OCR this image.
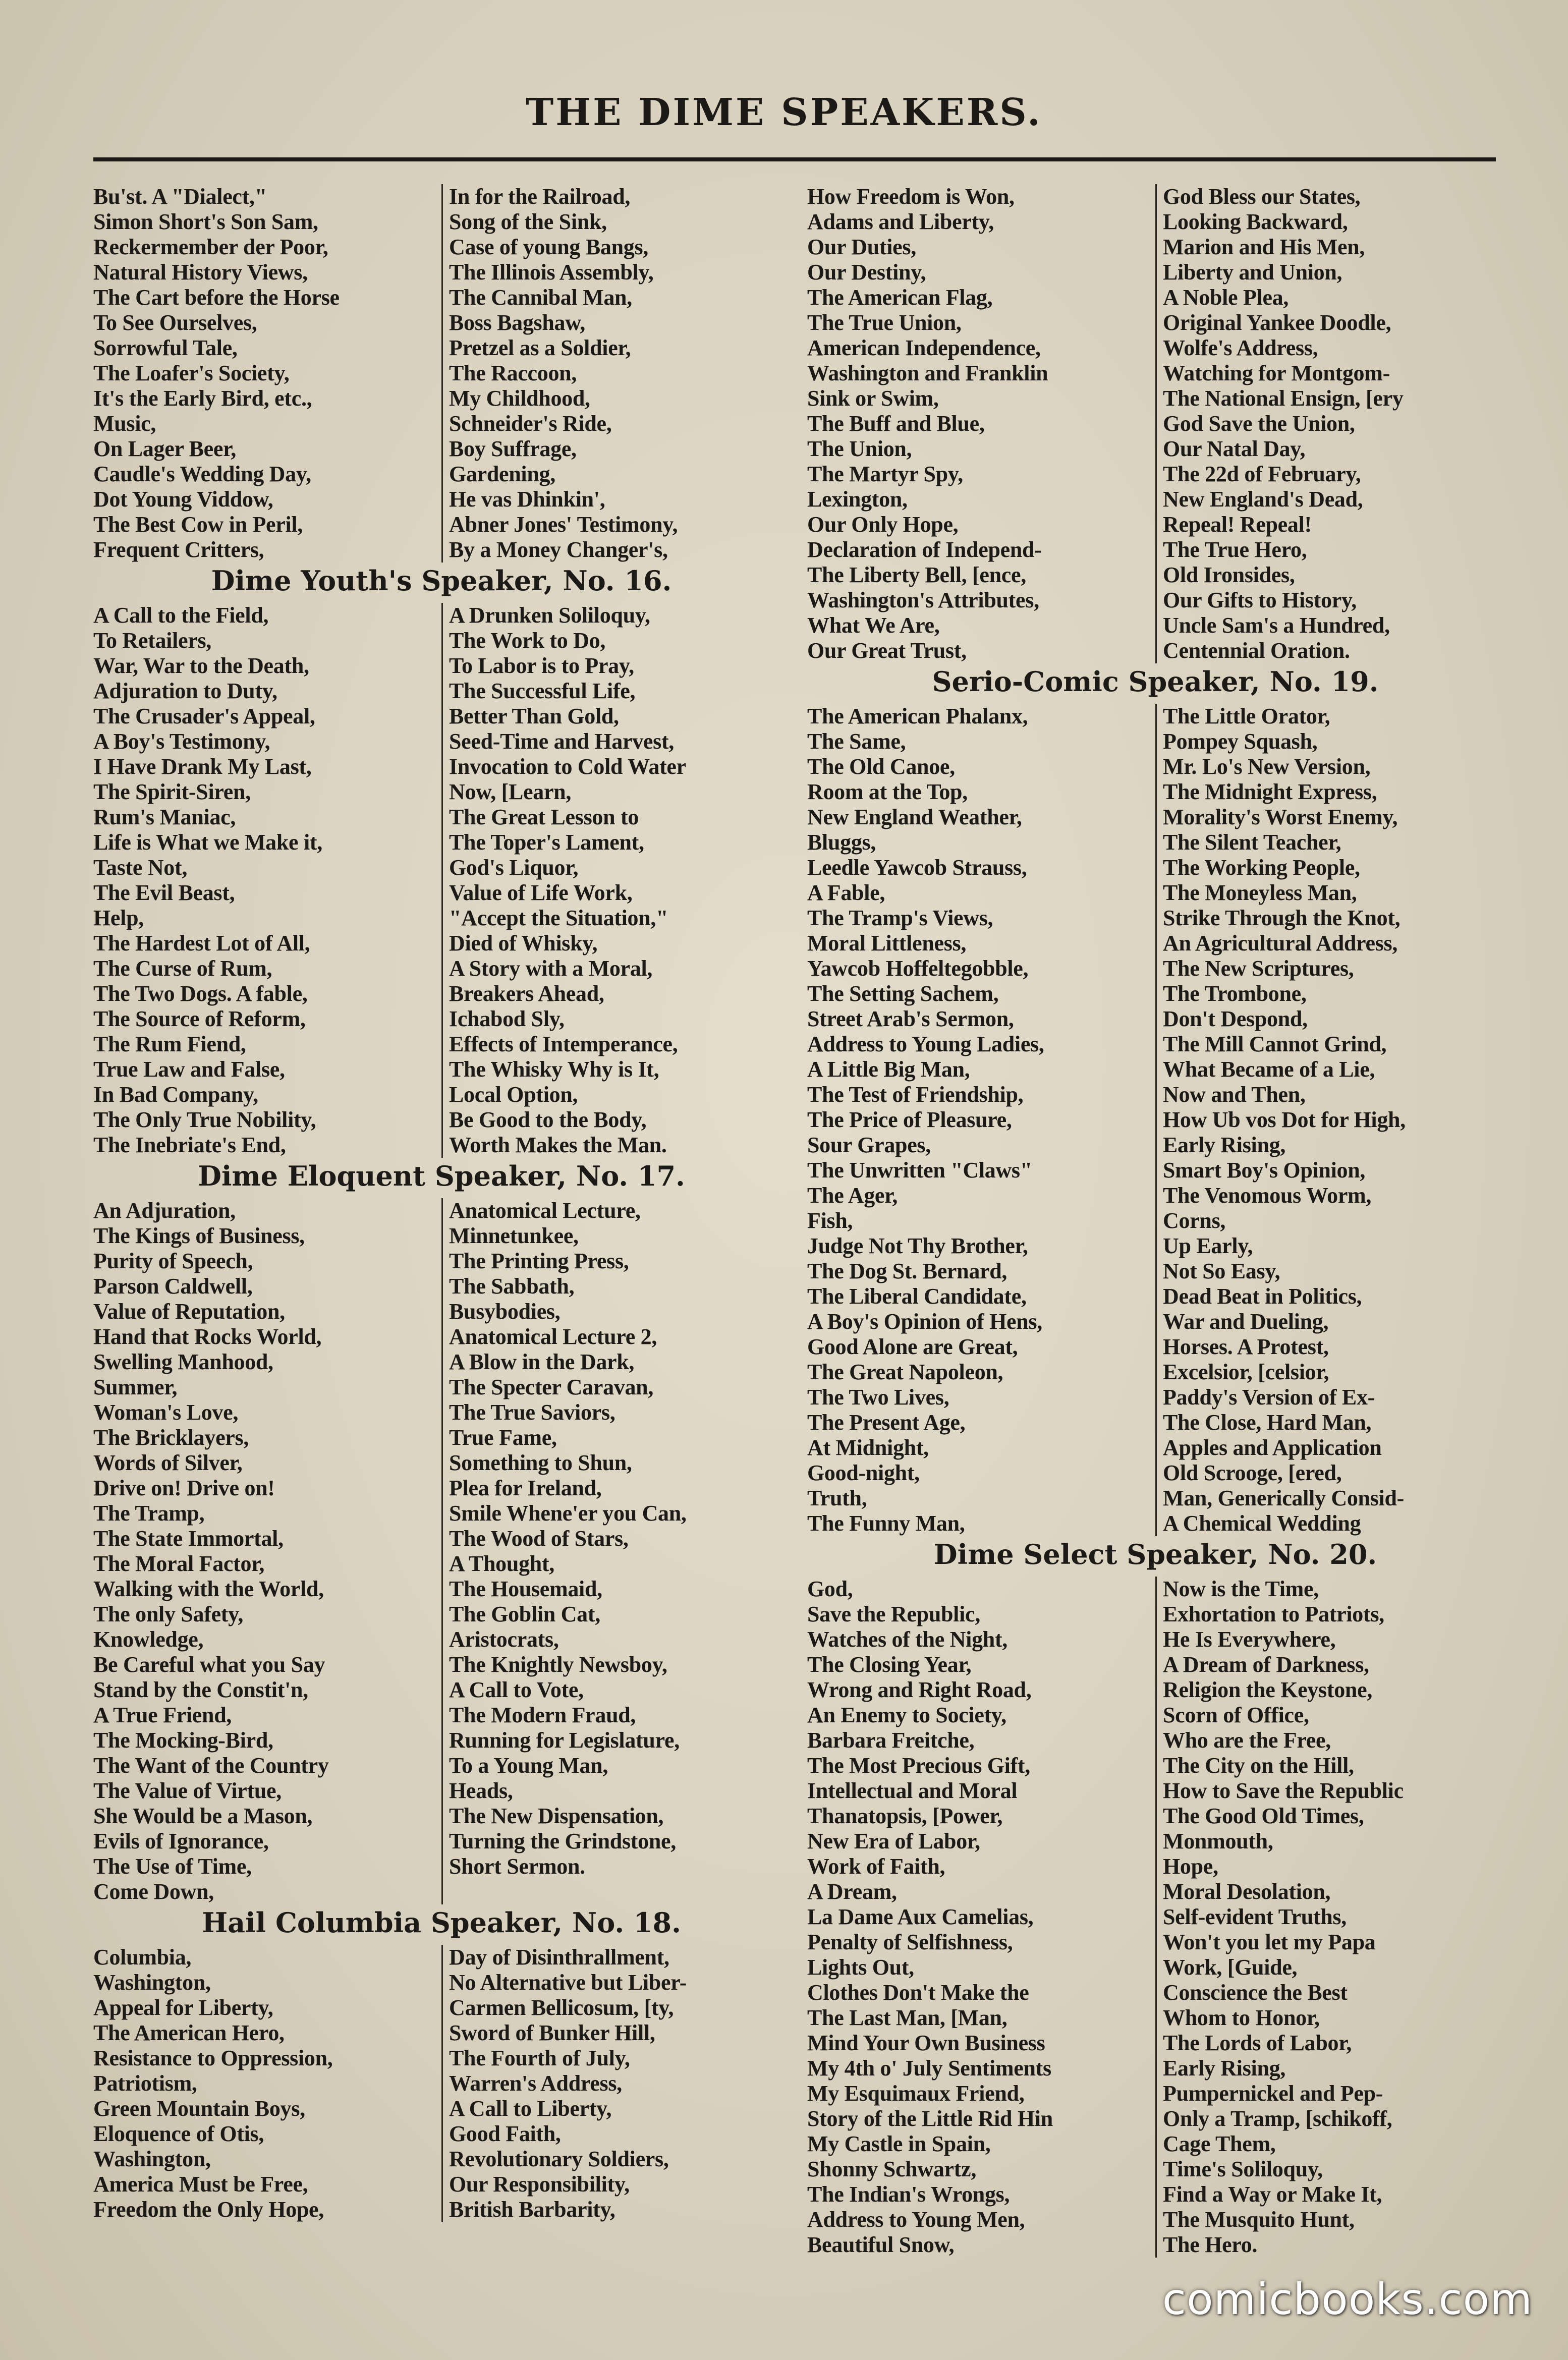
THE DIME SPEAKERS.
Bu'st. A "Dialect,"
Simon Short's Son Sam,
Reckermember der Poor,
Natural History Views,
The Cart before the Horse
To See Ourselves,
Sorrowful Tale,
The Loafer's Society,
It's the Early Bird, etc.,
Music,
On Lager Beer,
Caudle's Wedding Day,
Dot Young Viddow,
The Best Cow in Peril,
Frequent Critters,
In for the Railroad,
Song of the Sink,
Case of young Bangs,
The Illinois Assembly,
The Cannibal Man,
Boss Bagshaw,
Pretzel as a Soldier,
The Raccoon,
My Childhood,
Schneider's Ride,
Boy Suffrage,
Gardening,
He vas Dhinkin',
Abner Jones' Testimony,
By a Money Changer's,
Dime Youth's Speaker, No. 16.
A Call to the Field,
To Retailers,
War, War to the Death,
Adjuration to Duty,
The Crusader's Appeal,
A Boy's Testimony,
I Have Drank My Last,
The Spirit-Siren,
Rum's Maniac,
Life is What we Make it,
Taste Not,
The Evil Beast,
Help,
The Hardest Lot of All,
The Curse of Rum,
The Two Dogs. A fable,
The Source of Reform,
The Rum Fiend,
True Law and False,
In Bad Company,
The Only True Nobility,
The Inebriate's End,
A Drunken Soliloquy,
The Work to Do,
To Labor is to Pray,
The Successful Life,
Better Than Gold,
Seed-Time and Harvest,
Invocation to Cold Water
Now, [Learn,
The Great Lesson to
The Toper's Lament,
God's Liquor,
Value of Life Work,
"Accept the Situation,"
Died of Whisky,
A Story with a Moral,
Breakers Ahead,
Ichabod Sly,
Effects of Intemperance,
The Whisky Why is It,
Local Option,
Be Good to the Body,
Worth Makes the Man.
Dime Eloquent Speaker, No. 17.
An Adjuration,
The Kings of Business,
Purity of Speech,
Parson Caldwell,
Value of Reputation,
Hand that Rocks World,
Swelling Manhood,
Summer,
Woman's Love,
The Bricklayers,
Words of Silver,
Drive on! Drive on!
The Tramp,
The State Immortal,
The Moral Factor,
Walking with the World,
The only Safety,
Knowledge,
Be Careful what you Say
Stand by the Constit'n,
A True Friend,
The Mocking-Bird,
The Want of the Country
The Value of Virtue,
She Would be a Mason,
Evils of Ignorance,
The Use of Time,
Come Down,
Anatomical Lecture,
Minnetunkee,
The Printing Press,
The Sabbath,
Busybodies,
Anatomical Lecture 2,
A Blow in the Dark,
The Specter Caravan,
The True Saviors,
True Fame,
Something to Shun,
Plea for Ireland,
Smile Whene'er you Can,
The Wood of Stars,
A Thought,
The Housemaid,
The Goblin Cat,
Aristocrats,
The Knightly Newsboy,
A Call to Vote,
The Modern Fraud,
Running for Legislature,
To a Young Man,
Heads,
The New Dispensation,
Turning the Grindstone,
Short Sermon.
Hail Columbia Speaker, No. 18.
Columbia,
Washington,
Appeal for Liberty,
The American Hero,
Resistance to Oppression,
Patriotism,
Green Mountain Boys,
Eloquence of Otis,
Washington,
America Must be Free,
Freedom the Only Hope,
Day of Disinthrallment,
No Alternative but Liber-
Carmen Bellicosum, [ty,
Sword of Bunker Hill,
The Fourth of July,
Warren's Address,
A Call to Liberty,
Good Faith,
Revolutionary Soldiers,
Our Responsibility,
British Barbarity,
How Freedom is Won,
Adams and Liberty,
Our Duties,
Our Destiny,
The American Flag,
The True Union,
American Independence,
Washington and Franklin
Sink or Swim,
The Buff and Blue,
The Union,
The Martyr Spy,
Lexington,
Our Only Hope,
Declaration of Independ-
The Liberty Bell, [ence,
Washington's Attributes,
What We Are,
Our Great Trust,
God Bless our States,
Looking Backward,
Marion and His Men,
Liberty and Union,
A Noble Plea,
Original Yankee Doodle,
Wolfe's Address,
Watching for Montgom-
The National Ensign, [ery
God Save the Union,
Our Natal Day,
The 22d of February,
New England's Dead,
Repeal! Repeal!
The True Hero,
Old Ironsides,
Our Gifts to History,
Uncle Sam's a Hundred,
Centennial Oration.
Serio-Comic Speaker, No. 19.
The American Phalanx,
The Same,
The Old Canoe,
Room at the Top,
New England Weather,
Bluggs,
Leedle Yawcob Strauss,
A Fable,
The Tramp's Views,
Moral Littleness,
Yawcob Hoffeltegobble,
The Setting Sachem,
Street Arab's Sermon,
Address to Young Ladies,
A Little Big Man,
The Test of Friendship,
The Price of Pleasure,
Sour Grapes,
The Unwritten "Claws"
The Ager,
Fish,
Judge Not Thy Brother,
The Dog St. Bernard,
The Liberal Candidate,
A Boy's Opinion of Hens,
Good Alone are Great,
The Great Napoleon,
The Two Lives,
The Present Age,
At Midnight,
Good-night,
Truth,
The Funny Man,
The Little Orator,
Pompey Squash,
Mr. Lo's New Version,
The Midnight Express,
Morality's Worst Enemy,
The Silent Teacher,
The Working People,
The Moneyless Man,
Strike Through the Knot,
An Agricultural Address,
The New Scriptures,
The Trombone,
Don't Despond,
The Mill Cannot Grind,
What Became of a Lie,
Now and Then,
How Ub vos Dot for High,
Early Rising,
Smart Boy's Opinion,
The Venomous Worm,
Corns,
Up Early,
Not So Easy,
Dead Beat in Politics,
War and Dueling,
Horses. A Protest,
Excelsior, [celsior,
Paddy's Version of Ex-
The Close, Hard Man,
Apples and Application
Old Scrooge, [ered,
Man, Generically Consid-
A Chemical Wedding
Dime Select Speaker, No. 20.
God,
Save the Republic,
Watches of the Night,
The Closing Year,
Wrong and Right Road,
An Enemy to Society,
Barbara Freitche,
The Most Precious Gift,
Intellectual and Moral
Thanatopsis, [Power,
New Era of Labor,
Work of Faith,
A Dream,
La Dame Aux Camelias,
Penalty of Selfishness,
Lights Out,
Clothes Don't Make the
The Last Man, [Man,
Mind Your Own Business
My 4th o' July Sentiments
My Esquimaux Friend,
Story of the Little Rid Hin
My Castle in Spain,
Shonny Schwartz,
The Indian's Wrongs,
Address to Young Men,
Beautiful Snow,
Now is the Time,
Exhortation to Patriots,
He Is Everywhere,
A Dream of Darkness,
Religion the Keystone,
Scorn of Office,
Who are the Free,
The City on the Hill,
How to Save the Republic
The Good Old Times,
Monmouth,
Hope,
Moral Desolation,
Self-evident Truths,
Won't you let my Papa
Work, [Guide,
Conscience the Best
Whom to Honor,
The Lords of Labor,
Early Rising,
Pumpernickel and Pep-
Only a Tramp, [schikoff,
Cage Them,
Time's Soliloquy,
Find a Way or Make It,
The Musquito Hunt,
The Hero.
comicbooks.com
